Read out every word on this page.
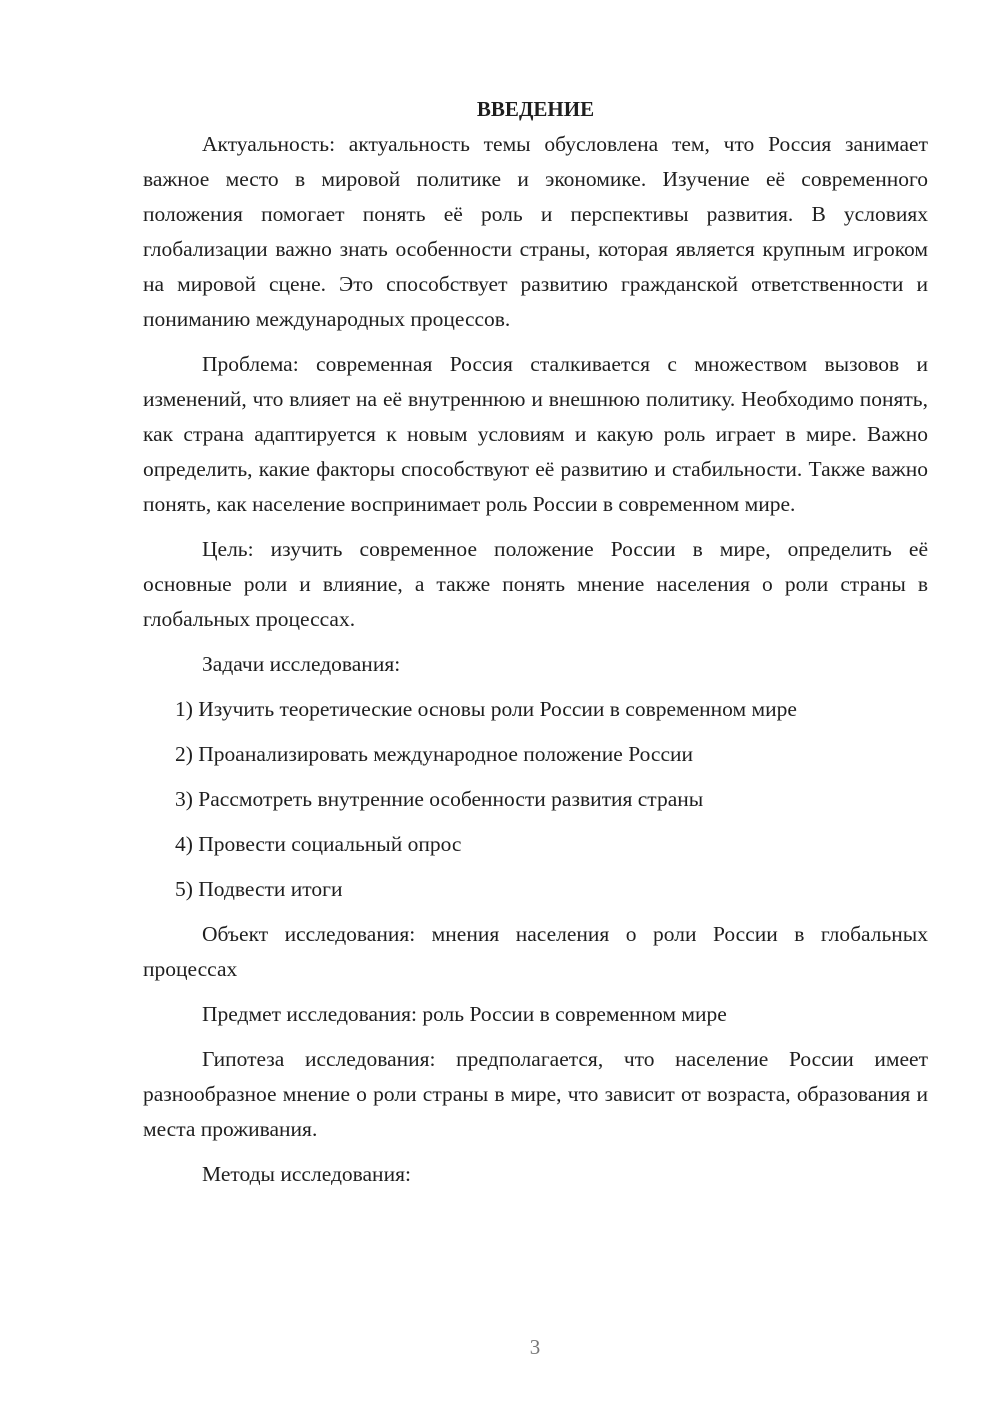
ВВЕДЕНИЕ

Актуальность: актуальность темы обусловлена тем, что Россия занимает важное место в мировой политике и экономике. Изучение её современного положения помогает понять её роль и перспективы развития. В условиях глобализации важно знать особенности страны, которая является крупным игроком на мировой сцене. Это способствует развитию гражданской ответственности и пониманию международных процессов.

Проблема: современная Россия сталкивается с множеством вызовов и изменений, что влияет на её внутреннюю и внешнюю политику. Необходимо понять, как страна адаптируется к новым условиям и какую роль играет в мире. Важно определить, какие факторы способствуют её развитию и стабильности. Также важно понять, как население воспринимает роль России в современном мире.

Цель: изучить современное положение России в мире, определить её основные роли и влияние, а также понять мнение населения о роли страны в глобальных процессах.

Задачи исследования:

1) Изучить теоретические основы роли России в современном мире
2) Проанализировать международное положение России
3) Рассмотреть внутренние особенности развития страны
4) Провести социальный опрос
5) Подвести итоги

Объект исследования: мнения населения о роли России в глобальных процессах

Предмет исследования: роль России в современном мире

Гипотеза исследования: предполагается, что население России имеет разнообразное мнение о роли страны в мире, что зависит от возраста, образования и места проживания.

Методы исследования:

3
